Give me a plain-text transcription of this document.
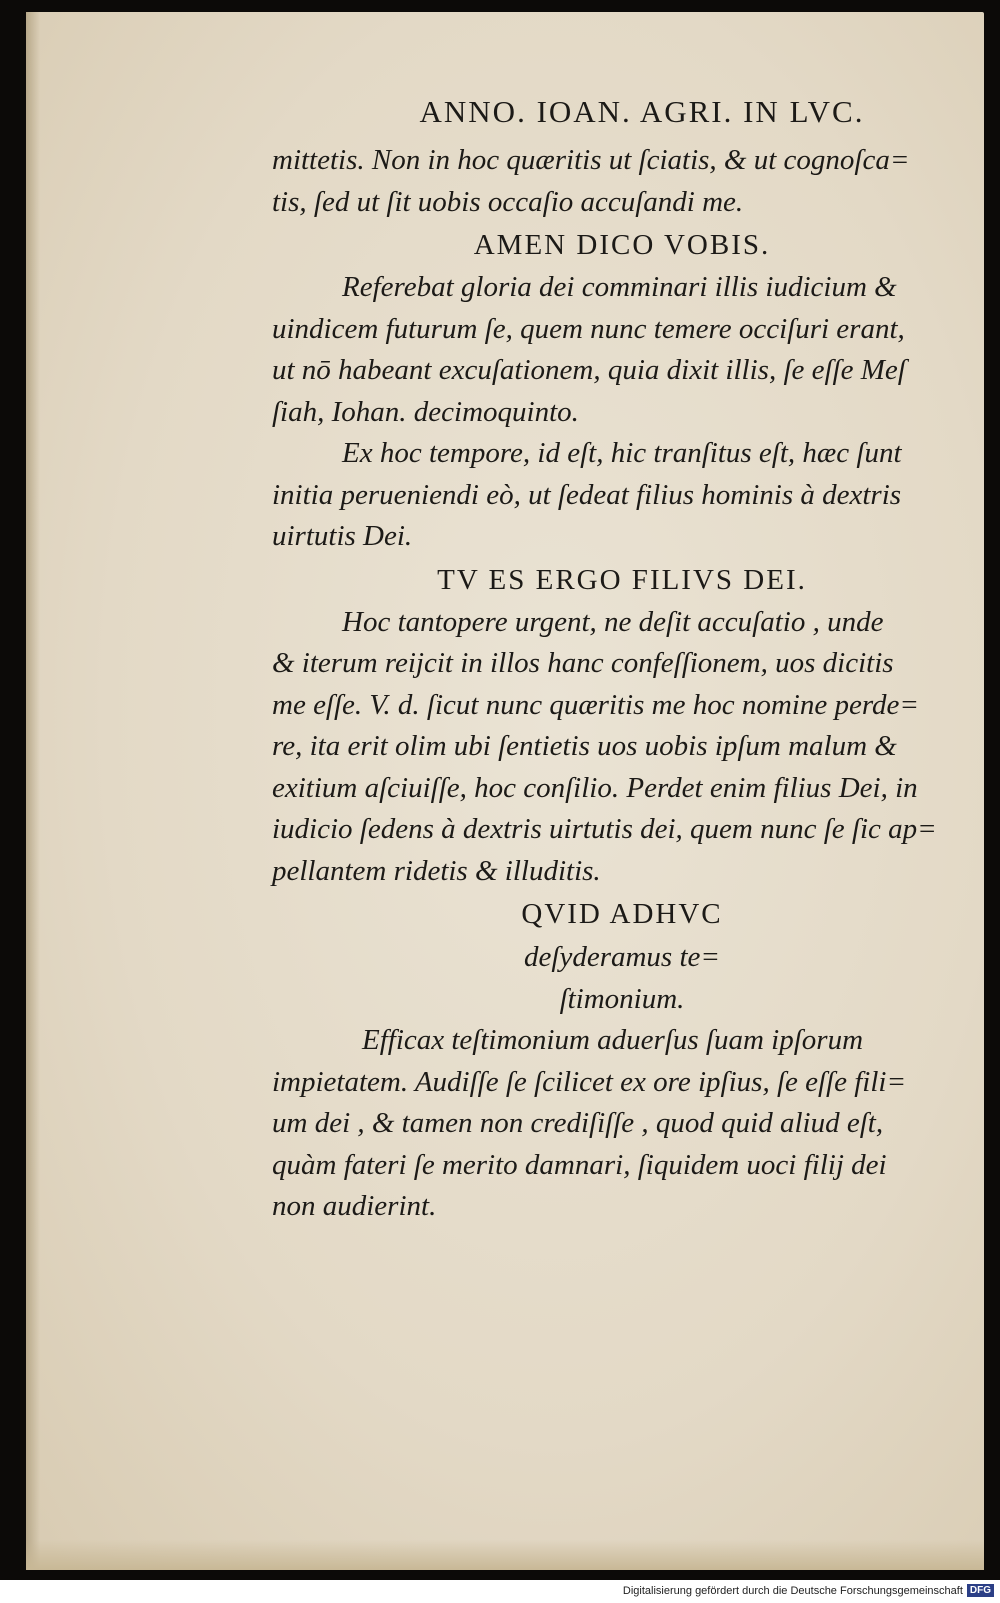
ANNO. IOAN. AGRI. IN LVC.
mittetis. Non in hoc quæritis ut ſciatis, & ut cognoſca=
tis, ſed ut ſit uobis occaſio accuſandi me.
AMEN DICO VOBIS.
Referebat gloria dei comminari illis iudicium &
uindicem futurum ſe, quem nunc temere occiſuri erant,
ut nō habeant excuſationem, quia dixit illis, ſe eſſe Meſ
ſiah, Iohan. decimoquinto.
Ex hoc tempore, id eſt, hic tranſitus eſt, hæc ſunt
initia perueniendi eò, ut ſedeat filius hominis à dextris
uirtutis Dei.
TV ES ERGO FILIVS DEI.
Hoc tantopere urgent, ne deſit accuſatio , unde
& iterum reijcit in illos hanc confeſſionem, uos dicitis
me eſſe. V. d. ſicut nunc quæritis me hoc nomine perde=
re, ita erit olim ubi ſentietis uos uobis ipſum malum &
exitium aſciuiſſe, hoc conſilio. Perdet enim filius Dei, in
iudicio ſedens à dextris uirtutis dei, quem nunc ſe ſic ap=
pellantem ridetis & illuditis.
QVID ADHVC
deſyderamus te=
ſtimonium.
Efficax teſtimonium aduerſus ſuam ipſorum
impietatem. Audiſſe ſe ſcilicet ex ore ipſius, ſe eſſe fili=
um dei , & tamen non crediſiſſe , quod quid aliud eſt,
quàm fateri ſe merito damnari, ſiquidem uoci filij dei
non audierint.
Digitalisierung gefördert durch die Deutsche Forschungsgemeinschaft DFG
